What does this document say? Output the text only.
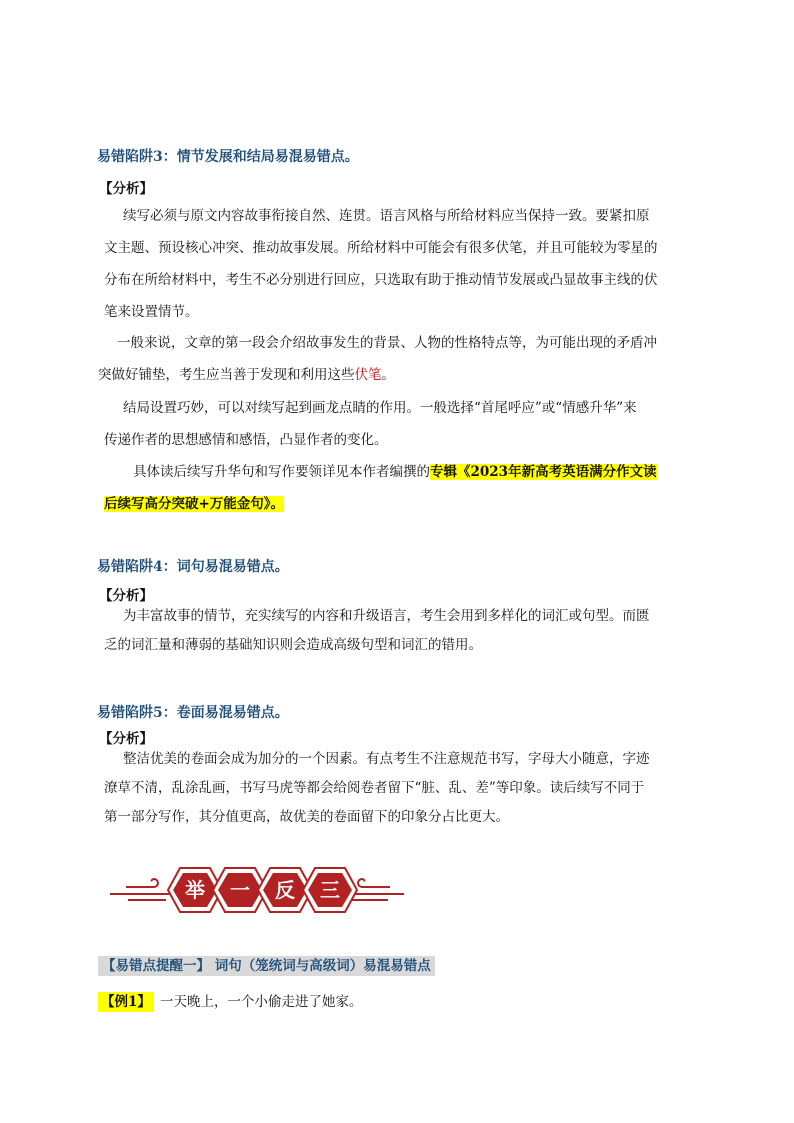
易错陷阱3：情节发展和结局易混易错点。
【分析】
续写必须与原文内容故事衔接自然、连贯。语言风格与所给材料应当保持一致。要紧扣原
文主题、预设核心冲突、推动故事发展。所给材料中可能会有很多伏笔，并且可能较为零星的
分布在所给材料中，考生不必分别进行回应，只选取有助于推动情节发展或凸显故事主线的伏
笔来设置情节。
一般来说，文章的第一段会介绍故事发生的背景、人物的性格特点等，为可能出现的矛盾冲
突做好铺垫，考生应当善于发现和利用这些伏笔。
结局设置巧妙，可以对续写起到画龙点睛的作用。一般选择“首尾呼应”或“情感升华”来
传递作者的思想感情和感悟，凸显作者的变化。
具体读后续写升华句和写作要领详见本作者编撰的专辑《2023年新高考英语满分作文读
后续写高分突破+万能金句》。
易错陷阱4：词句易混易错点。
【分析】
为丰富故事的情节，充实续写的内容和升级语言，考生会用到多样化的词汇或句型。而匮
乏的词汇量和薄弱的基础知识则会造成高级句型和词汇的错用。
易错陷阱5：卷面易混易错点。
【分析】
整洁优美的卷面会成为加分的一个因素。有点考生不注意规范书写，字母大小随意，字迹
潦草不清，乱涂乱画，书写马虎等都会给阅卷者留下“脏、乱、差”等印象。读后续写不同于
第一部分写作，其分值更高，故优美的卷面留下的印象分占比更大。
举 一 反 三
【易错点提醒一】 词句（笼统词与高级词）易混易错点
【例1】 一天晚上，一个小偷走进了她家。
